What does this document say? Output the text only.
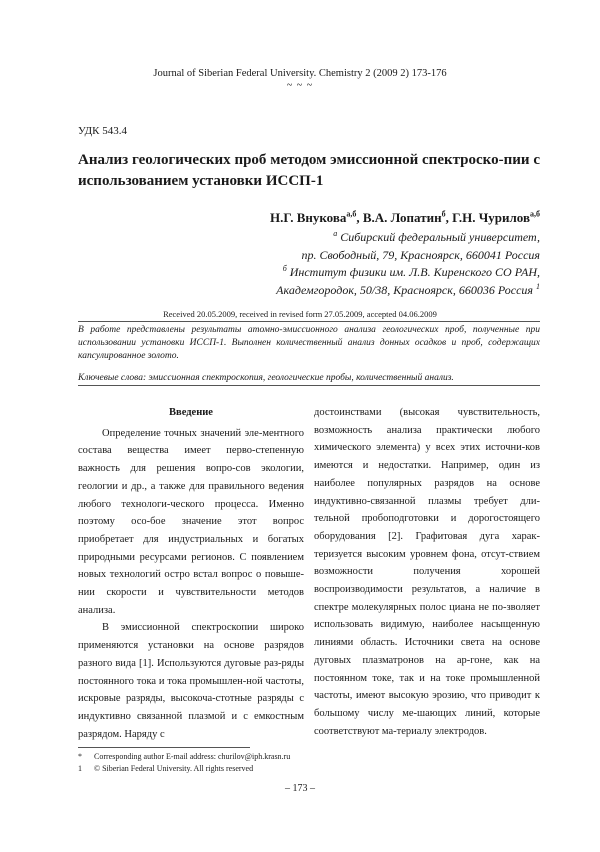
Journal of Siberian Federal University. Chemistry 2 (2009 2) 173-176
~ ~ ~
УДК 543.4
Анализ геологических проб методом эмиссионной спектроско-пии с использованием установки ИССП-1
Н.Г. Внукова$^{а,б}$, В.А. Лопатин$^б$, Г.Н. Чурилов$^{а,б}$
$^а$ Сибирский федеральный университет,
пр. Свободный, 79, Красноярск, 660041 Россия
$^б$ Институт физики им. Л.В. Киренского СО РАН,
Академгородок, 50/38, Красноярск, 660036 Россия $^1$
Received 20.05.2009, received in revised form 27.05.2009, accepted 04.06.2009
В работе представлены результаты атомно-эмиссионного анализа геологических проб, полученные при использовании установки ИССП-1. Выполнен количественный анализ донных осадков и проб, содержащих капсулированное золото.
Ключевые слова: эмиссионная спектроскопия, геологические пробы, количественный анализ.

Введение

Определение точных значений эле-ментного состава вещества имеет перво-степенную важность для решения вопро-сов экологии, геологии и др., а также для правильного ведения любого технологи-ческого процесса. Именно поэтому осо-бое значение этот вопрос приобретает для индустриальных и богатых природными ресурсами регионов. С появлением новых технологий остро встал вопрос о повыше-нии скорости и чувствительности методов анализа.

В эмиссионной спектроскопии широко применяются установки на основе разрядов разного вида [1]. Используются дуговые раз-ряды постоянного тока и тока промышлен-ной частоты, искровые разряды, высокоча-стотные разряды с индуктивно связанной плазмой и с емкостным разрядом. Наряду с

достоинствами (высокая чувствительность, возможность анализа практически любого химического элемента) у всех этих источни-ков имеются и недостатки. Например, один из наиболее популярных разрядов на основе индуктивно-связанной плазмы требует дли-тельной пробоподготовки и дорогостоящего оборудования [2]. Графитовая дуга харак-теризуется высоким уровнем фона, отсут-ствием возможности получения хорошей воспроизводимости результатов, а наличие в спектре молекулярных полос циана не по-зволяет использовать видимую, наиболее насыщенную линиями область. Источники света на основе дуговых плазматронов на ар-гоне, как на постоянном токе, так и на токе промышленной частоты, имеют высокую эрозию, что приводит к большому числу ме-шающих линий, которые соответствуют ма-териалу электродов.

* Corresponding author E-mail address: churilov@iph.krasn.ru
1 © Siberian Federal University. All rights reserved
– 173 –
